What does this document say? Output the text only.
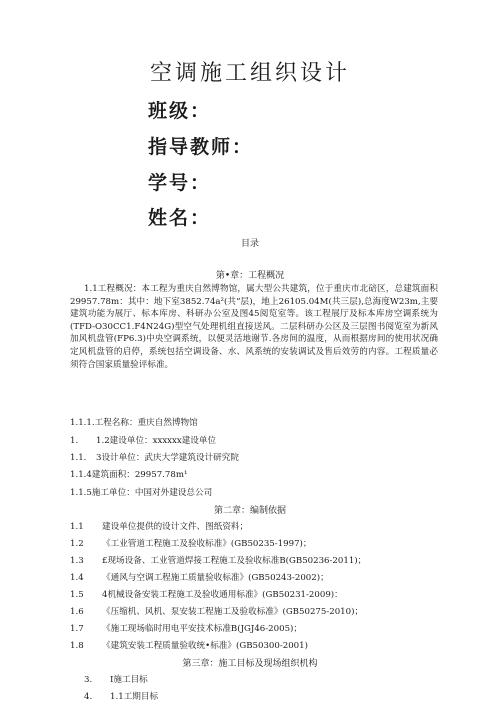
空调施工组织设计
班级：
指导教师：
学号：
姓名：
目录
第•章：工程概况
1.1工程概况：本工程为重庆自然博物馆，属大型公共建筑，位于重庆市北碚区，总建筑面积29957.78m：其中：地下室3852.74a²(共”层)，地上26105.04M(共三层),总海度W23m,主要建筑功能为展厅、标本库房、科研办公室及图45阅览室等。该工程展厅及标本库房空调系统为(TFD-O30CC1.F4N24G)型空气处理机组直接送风。二层科研办公区及三层图书阅览室为新风加风机盘管(FP6.3)中央空调系统，以便灵活地谢节.各房间的温度，从而根据房间的使用状况确定风机盘管的启停，系统包括空调设备、水、风系统的安装调试及售后效劳的内容。工程质量必须符合国家质量验评标准。
1.1.1.工程名称：重庆自然博物馆
1. 1.2建设单位：xxxxxx建设单位
1.1. 3设计单位：武庆大学建筑设计研究院
1.1.4建筑面积：29957.78m¹
1.1.5施工单位：中国对外建设总公司
第二章：编制依据
1.1 建设单位提供的设计文件、图纸资料；
1.2 《工业管道工程施工及验收标准》(GB50235-1997)；
1.3 £现场设备、工业管道焊接工程施工及验收标准B(GB50236-2011)；
1.4 《通风与空调工程施工质量验收标准》(GB50243-2002)；
1.5 4机械设备安装工程施工及验收通用标准》(GB50231-2009)：
1.6 《压缩机、风机、泵安装工程施工及验收标准》(GB50275-2010)；
1.7 《施工现场临时用电平安技术标准B(JGJ46-2005)；
1.8 《建筑安装工程质量验收统•标准》(GB50300-2001)
第三章：施工目标及现场组织机构
3. I施工目标
4. 1.1工期目标
